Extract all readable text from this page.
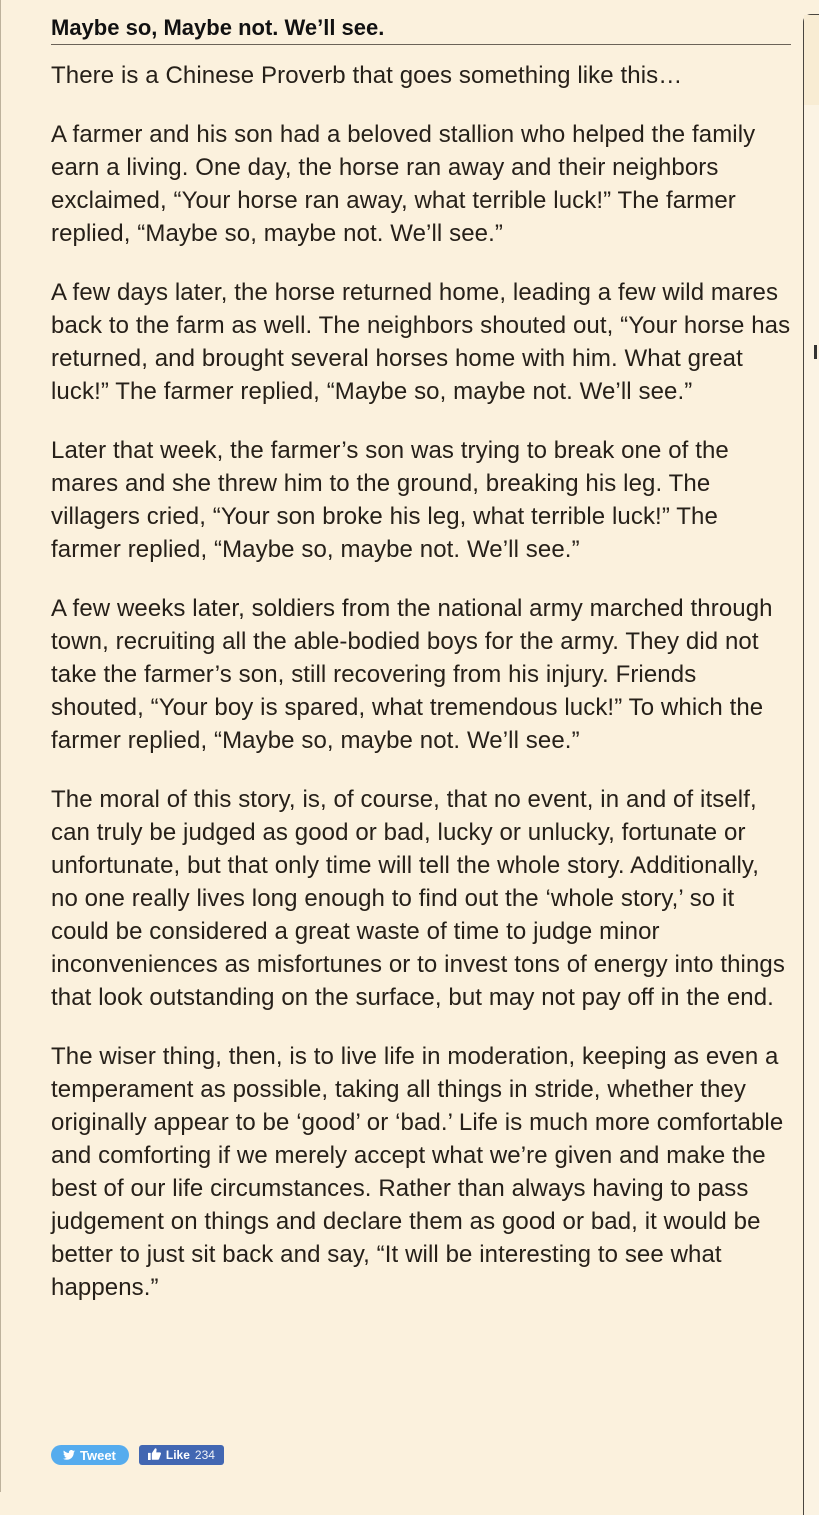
Maybe so, Maybe not. We’ll see.

There is a Chinese Proverb that goes something like this…

A farmer and his son had a beloved stallion who helped the family earn a living. One day, the horse ran away and their neighbors exclaimed, “Your horse ran away, what terrible luck!” The farmer replied, “Maybe so, maybe not. We’ll see.”

A few days later, the horse returned home, leading a few wild mares back to the farm as well. The neighbors shouted out, “Your horse has returned, and brought several horses home with him. What great luck!” The farmer replied, “Maybe so, maybe not. We’ll see.”

Later that week, the farmer’s son was trying to break one of the mares and she threw him to the ground, breaking his leg. The villagers cried, “Your son broke his leg, what terrible luck!” The farmer replied, “Maybe so, maybe not. We’ll see.”

A few weeks later, soldiers from the national army marched through town, recruiting all the able-bodied boys for the army. They did not take the farmer’s son, still recovering from his injury. Friends shouted, “Your boy is spared, what tremendous luck!” To which the farmer replied, “Maybe so, maybe not. We’ll see.”

The moral of this story, is, of course, that no event, in and of itself, can truly be judged as good or bad, lucky or unlucky, fortunate or unfortunate, but that only time will tell the whole story. Additionally, no one really lives long enough to find out the ‘whole story,’ so it could be considered a great waste of time to judge minor inconveniences as misfortunes or to invest tons of energy into things that look outstanding on the surface, but may not pay off in the end.

The wiser thing, then, is to live life in moderation, keeping as even a temperament as possible, taking all things in stride, whether they originally appear to be ‘good’ or ‘bad.’ Life is much more comfortable and comforting if we merely accept what we’re given and make the best of our life circumstances. Rather than always having to pass judgement on things and declare them as good or bad, it would be better to just sit back and say, “It will be interesting to see what happens.”

Tweet	Like 234
